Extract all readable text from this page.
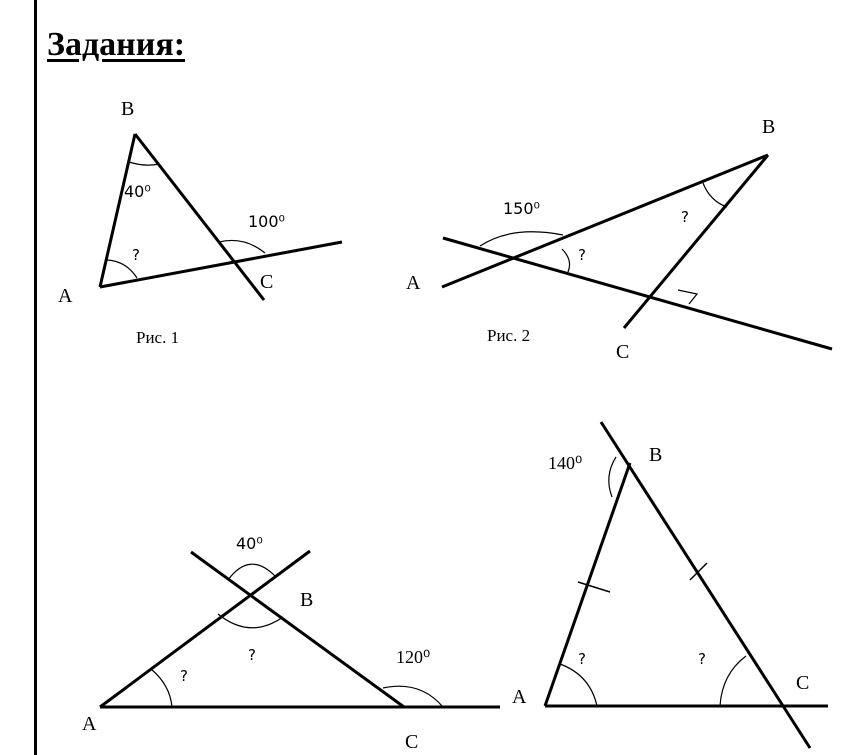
Задания:
B
A
C
40⁰
100⁰
?
Рис. 1
B
A
C
150⁰
?
?
Рис. 2
A
B
C
40⁰
?
?
120⁰
B
A
C
140⁰
?	?
